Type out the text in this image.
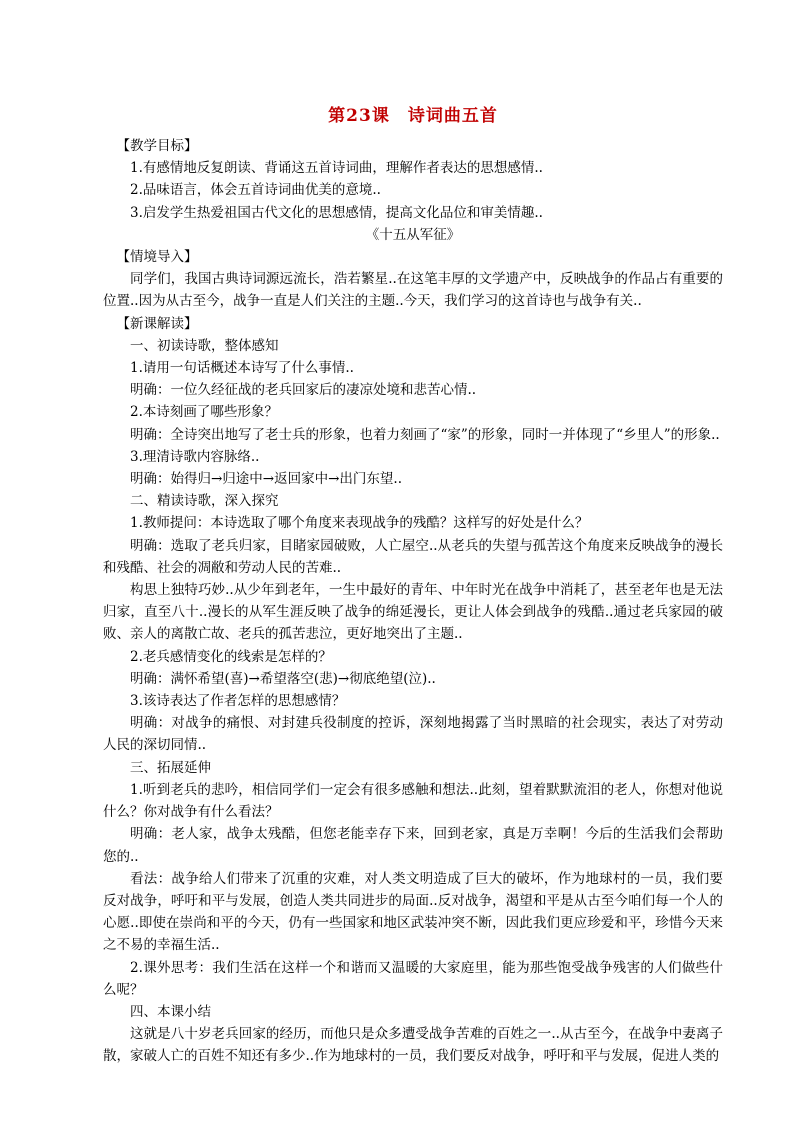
第23课　诗词曲五首

【教学目标】

1.有感情地反复朗读、背诵这五首诗词曲，理解作者表达的思想感情..

2.品味语言，体会五首诗词曲优美的意境..

3.启发学生热爱祖国古代文化的思想感情，提高文化品位和审美情趣..

《十五从军征》

【情境导入】

同学们，我国古典诗词源远流长，浩若繁星..在这笔丰厚的文学遗产中，反映战争的作品占有重要的位置..因为从古至今，战争一直是人们关注的主题..今天，我们学习的这首诗也与战争有关..

【新课解读】

一、初读诗歌，整体感知

1.请用一句话概述本诗写了什么事情..

明确：一位久经征战的老兵回家后的凄凉处境和悲苦心情..

2.本诗刻画了哪些形象？

明确：全诗突出地写了老士兵的形象，也着力刻画了“家”的形象，同时一并体现了“乡里人”的形象..

3.理清诗歌内容脉络..

明确：始得归→归途中→返回家中→出门东望..

二、精读诗歌，深入探究

1.教师提问：本诗选取了哪个角度来表现战争的残酷？这样写的好处是什么？

明确：选取了老兵归家，目睹家园破败，人亡屋空..从老兵的失望与孤苦这个角度来反映战争的漫长和残酷、社会的凋敝和劳动人民的苦难..

构思上独特巧妙..从少年到老年，一生中最好的青年、中年时光在战争中消耗了，甚至老年也是无法归家，直至八十..漫长的从军生涯反映了战争的绵延漫长，更让人体会到战争的残酷..通过老兵家园的破败、亲人的离散亡故、老兵的孤苦悲泣，更好地突出了主题..

2.老兵感情变化的线索是怎样的？

明确：满怀希望(喜)→希望落空(悲)→彻底绝望(泣)..

3.该诗表达了作者怎样的思想感情？

明确：对战争的痛恨、对封建兵役制度的控诉，深刻地揭露了当时黑暗的社会现实，表达了对劳动人民的深切同情..

三、拓展延伸

1.听到老兵的悲吟，相信同学们一定会有很多感触和想法..此刻，望着默默流泪的老人，你想对他说什么？你对战争有什么看法？

明确：老人家，战争太残酷，但您老能幸存下来，回到老家，真是万幸啊！今后的生活我们会帮助您的..

看法：战争给人们带来了沉重的灾难，对人类文明造成了巨大的破坏，作为地球村的一员，我们要反对战争，呼吁和平与发展，创造人类共同进步的局面..反对战争，渴望和平是从古至今咱们每一个人的心愿..即使在崇尚和平的今天，仍有一些国家和地区武装冲突不断，因此我们更应珍爱和平，珍惜今天来之不易的幸福生活..

2.课外思考：我们生活在这样一个和谐而又温暖的大家庭里，能为那些饱受战争残害的人们做些什么呢？

四、本课小结

这就是八十岁老兵回家的经历，而他只是众多遭受战争苦难的百姓之一..从古至今，在战争中妻离子散，家破人亡的百姓不知还有多少..作为地球村的一员，我们要反对战争，呼吁和平与发展，促进人类的
